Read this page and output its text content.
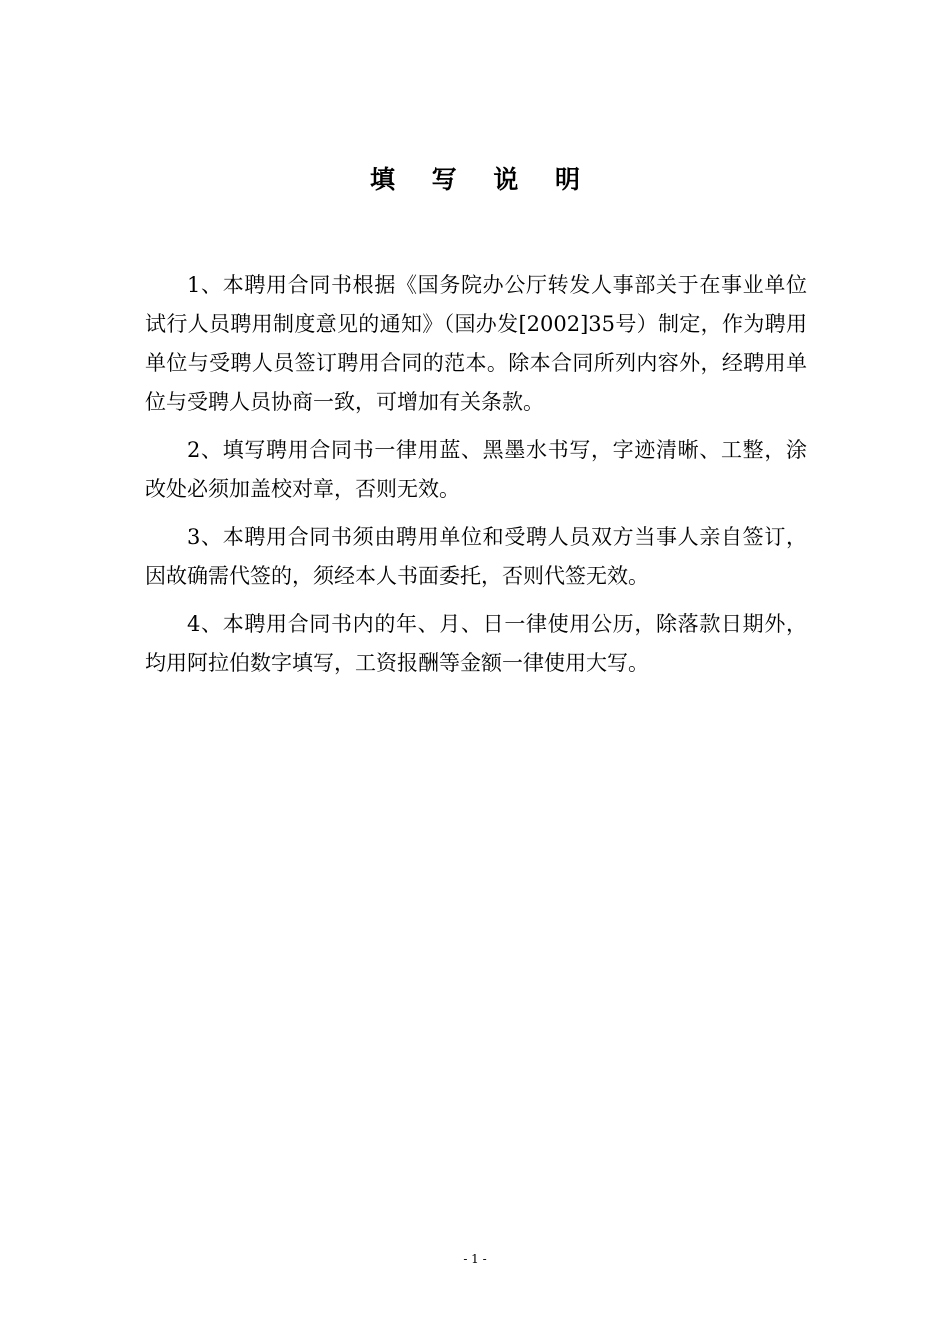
填 写 说 明

1、本聘用合同书根据《国务院办公厅转发人事部关于在事业单位试行人员聘用制度意见的通知》（国办发[2002]35号）制定，作为聘用单位与受聘人员签订聘用合同的范本。除本合同所列内容外，经聘用单位与受聘人员协商一致，可增加有关条款。

2、填写聘用合同书一律用蓝、黑墨水书写，字迹清晰、工整，涂改处必须加盖校对章，否则无效。

3、本聘用合同书须由聘用单位和受聘人员双方当事人亲自签订，因故确需代签的，须经本人书面委托，否则代签无效。

4、本聘用合同书内的年、月、日一律使用公历，除落款日期外，均用阿拉伯数字填写，工资报酬等金额一律使用大写。

- 1 -
